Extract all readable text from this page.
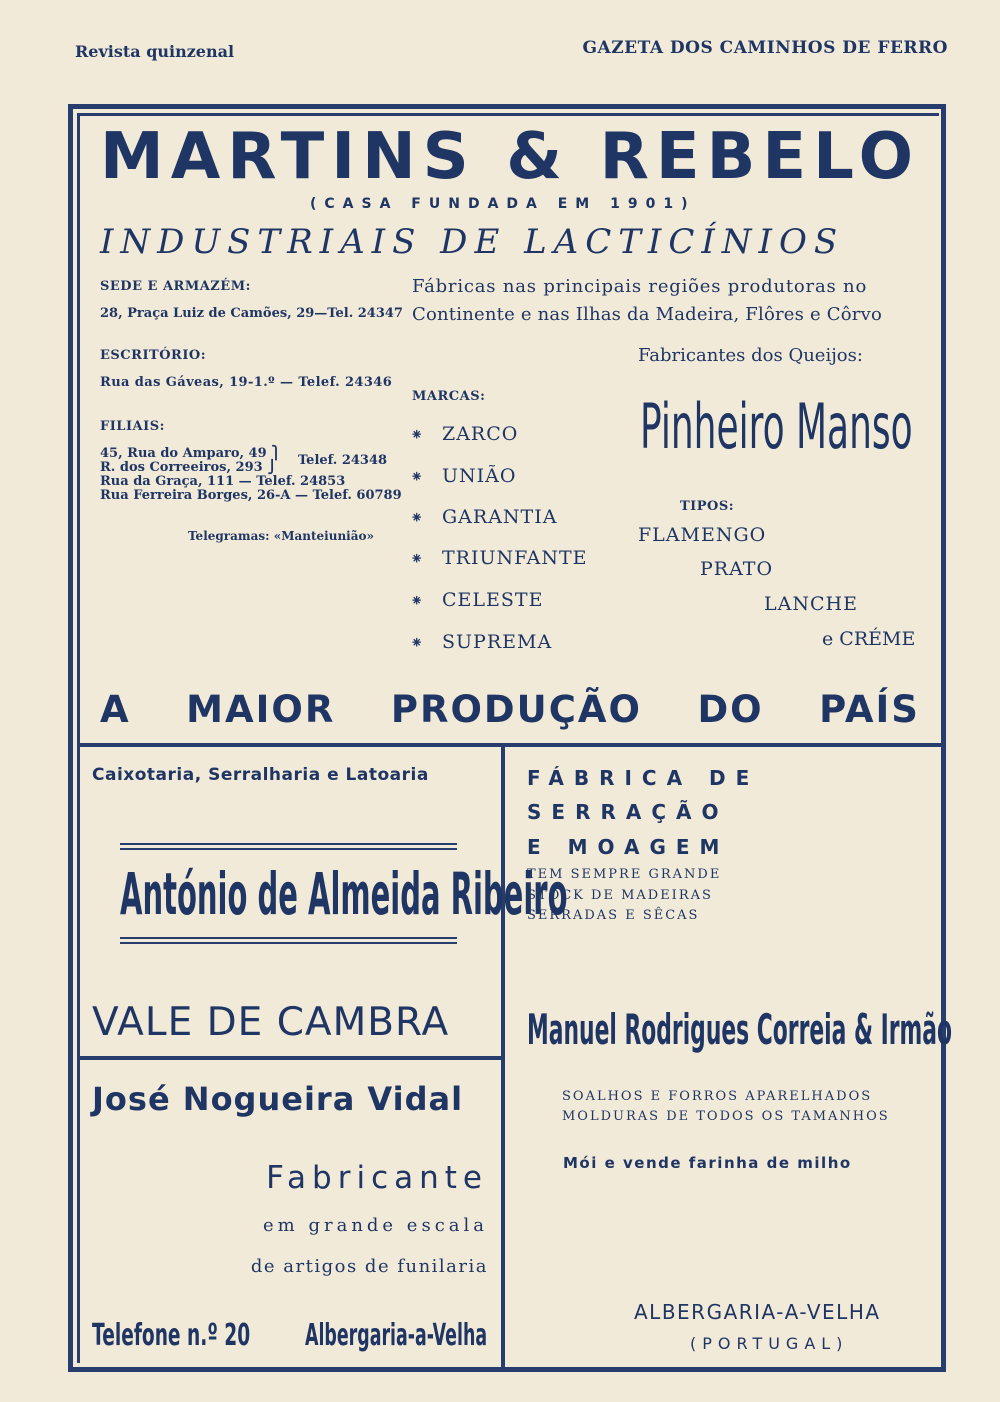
Revista quinzenal	GAZETA DOS CAMINHOS DE FERRO
MARTINS & REBELO
(CASA FUNDADA EM 1901)
INDUSTRIAIS DE LACTICÍNIOS
SEDE E ARMAZÉM:
28, Praça Luiz de Camões, 29—Tel. 24347
Fábricas nas principais regiões produtoras no
Continente e nas Ilhas da Madeira, Flôres e Côrvo
ESCRITÓRIO:
Rua das Gáveas, 19-1.º — Telef. 24346
FILIAIS:
45, Rua do Amparo, 49 ⎫
R. dos Correeiros, 293 ⎭ Telef. 24348
Rua da Graça, 111 — Telef. 24853
Rua Ferreira Borges, 26-A — Telef. 60789
Telegramas: «Manteiunião»
MARCAS:
⁕ ZARCO
⁕ UNIÃO
⁕ GARANTIA
⁕ TRIUNFANTE
⁕ CELESTE
⁕ SUPREMA
Fabricantes dos Queijos:
Pinheiro Manso
TIPOS:
FLAMENGO
PRATO
LANCHE
e CRÉME
A MAIOR PRODUÇÃO DO PAÍS
Caixotaria, Serralharia e Latoaria
António de Almeida Ribeiro
VALE DE CAMBRA
FÁBRICA DE
SERRAÇÃO
E MOAGEM
TEM SEMPRE GRANDE
STOCK DE MADEIRAS
SERRADAS E SÊCAS
Manuel Rodrigues Correia & Irmão
SOALHOS E FORROS APARELHADOS
MOLDURAS DE TODOS OS TAMANHOS
Mói e vende farinha de milho
ALBERGARIA-A-VELHA
(PORTUGAL)
José Nogueira Vidal
Fabricante
em grande escala
de artigos de funilaria
Telefone n.º 20 Albergaria-a-Velha
